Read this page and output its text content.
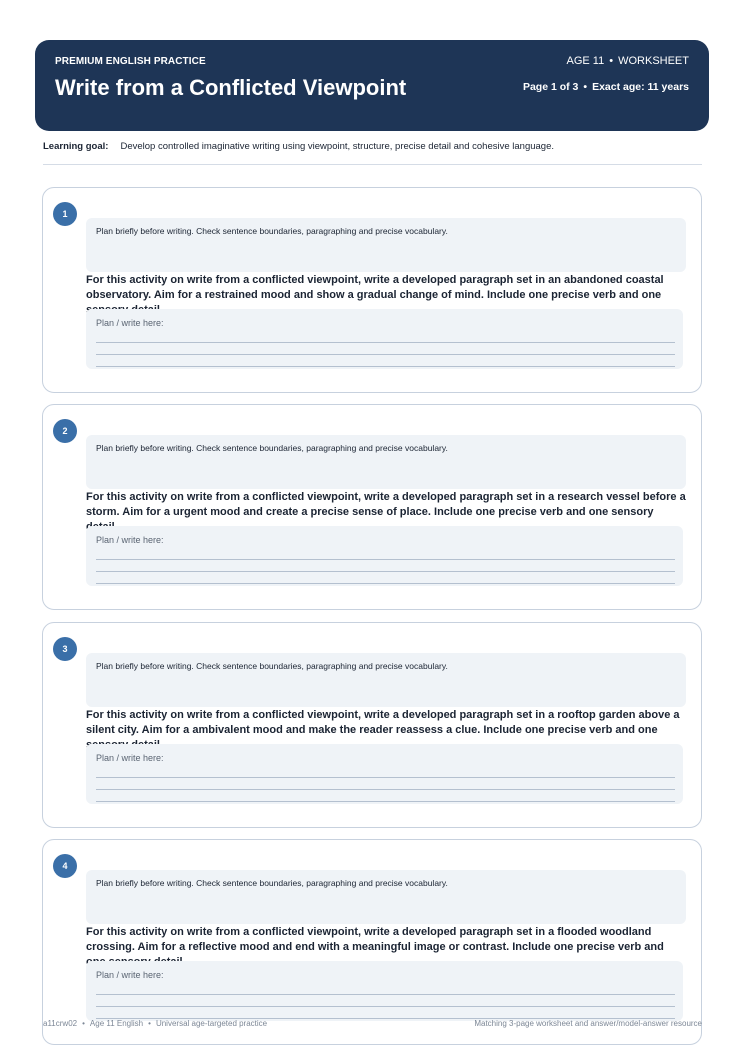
PREMIUM ENGLISH PRACTICE
Write from a Conflicted Viewpoint
AGE 11 • WORKSHEET
Page 1 of 3 • Exact age: 11 years
Learning goal: Develop controlled imaginative writing using viewpoint, structure, precise detail and cohesive language.
1
Plan briefly before writing. Check sentence boundaries, paragraphing and precise vocabulary.
For this activity on write from a conflicted viewpoint, write a developed paragraph set in an abandoned coastal observatory. Aim for a restrained mood and show a gradual change of mind. Include one precise verb and one
Plan / write here:
2
Plan briefly before writing. Check sentence boundaries, paragraphing and precise vocabulary.
For this activity on write from a conflicted viewpoint, write a developed paragraph set in a research vessel before a storm. Aim for a urgent mood and create a precise sense of place. Include one precise verb and one sensory
Plan / write here:
3
Plan briefly before writing. Check sentence boundaries, paragraphing and precise vocabulary.
For this activity on write from a conflicted viewpoint, write a developed paragraph set in a rooftop garden above a silent city. Aim for a ambivalent mood and make the reader reassess a clue. Include one precise verb and one
Plan / write here:
4
Plan briefly before writing. Check sentence boundaries, paragraphing and precise vocabulary.
For this activity on write from a conflicted viewpoint, write a developed paragraph set in a flooded woodland crossing. Aim for a reflective mood and end with a meaningful image or contrast. Include one precise verb and
Plan / write here:
a11crw02 • Age 11 English • Universal age-targeted practice	Matching 3-page worksheet and answer/model-answer resource
